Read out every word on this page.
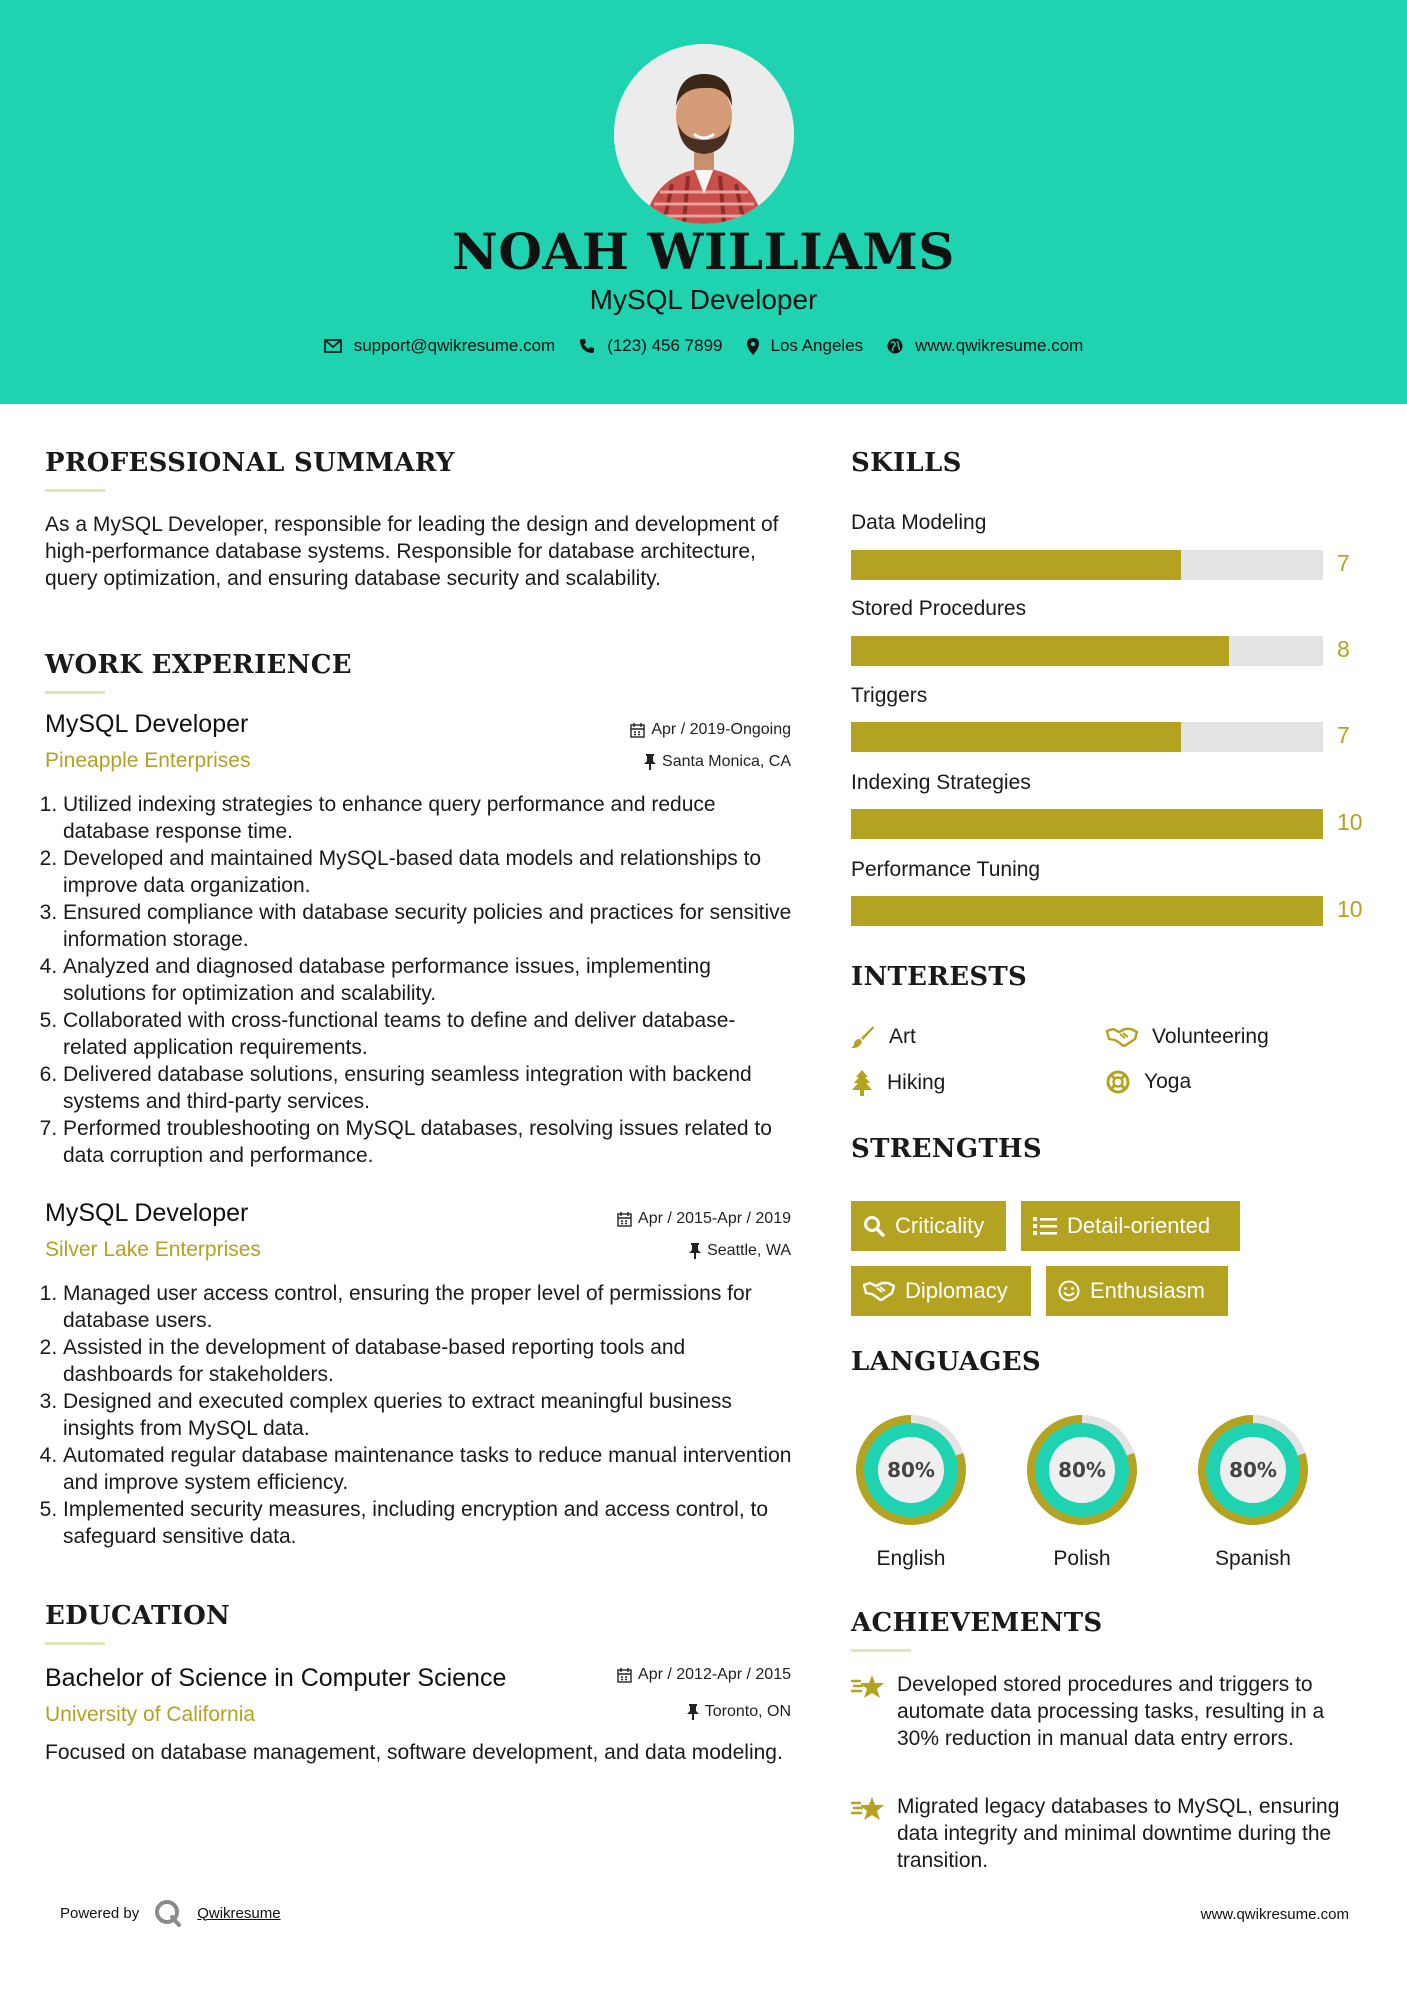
NOAH WILLIAMS
MySQL Developer
support@qwikresume.com	(123) 456 7899	Los Angeles	www.qwikresume.com
PROFESSIONAL SUMMARY
As a MySQL Developer, responsible for leading the design and development of high-performance database systems. Responsible for database architecture, query optimization, and ensuring database security and scalability.
WORK EXPERIENCE
MySQL Developer	Apr / 2019-Ongoing
Pineapple Enterprises	Santa Monica, CA
1. Utilized indexing strategies to enhance query performance and reduce database response time.
2. Developed and maintained MySQL-based data models and relationships to improve data organization.
3. Ensured compliance with database security policies and practices for sensitive information storage.
4. Analyzed and diagnosed database performance issues, implementing solutions for optimization and scalability.
5. Collaborated with cross-functional teams to define and deliver database-related application requirements.
6. Delivered database solutions, ensuring seamless integration with backend systems and third-party services.
7. Performed troubleshooting on MySQL databases, resolving issues related to data corruption and performance.
MySQL Developer	Apr / 2015-Apr / 2019
Silver Lake Enterprises	Seattle, WA
1. Managed user access control, ensuring the proper level of permissions for database users.
2. Assisted in the development of database-based reporting tools and dashboards for stakeholders.
3. Designed and executed complex queries to extract meaningful business insights from MySQL data.
4. Automated regular database maintenance tasks to reduce manual intervention and improve system efficiency.
5. Implemented security measures, including encryption and access control, to safeguard sensitive data.
EDUCATION
Bachelor of Science in Computer Science	Apr / 2012-Apr / 2015
University of California	Toronto, ON
Focused on database management, software development, and data modeling.
SKILLS
Data Modeling
7
Stored Procedures
8
Triggers
7
Indexing Strategies
10
Performance Tuning
10
INTERESTS
Art	Volunteering
Hiking	Yoga
STRENGTHS
Criticality	Detail-oriented
Diplomacy	Enthusiasm
LANGUAGES
80%
English
80%
Polish
80%
Spanish
ACHIEVEMENTS
Developed stored procedures and triggers to automate data processing tasks, resulting in a 30% reduction in manual data entry errors.
Migrated legacy databases to MySQL, ensuring data integrity and minimal downtime during the transition.
Powered by	Qwikresume	www.qwikresume.com
